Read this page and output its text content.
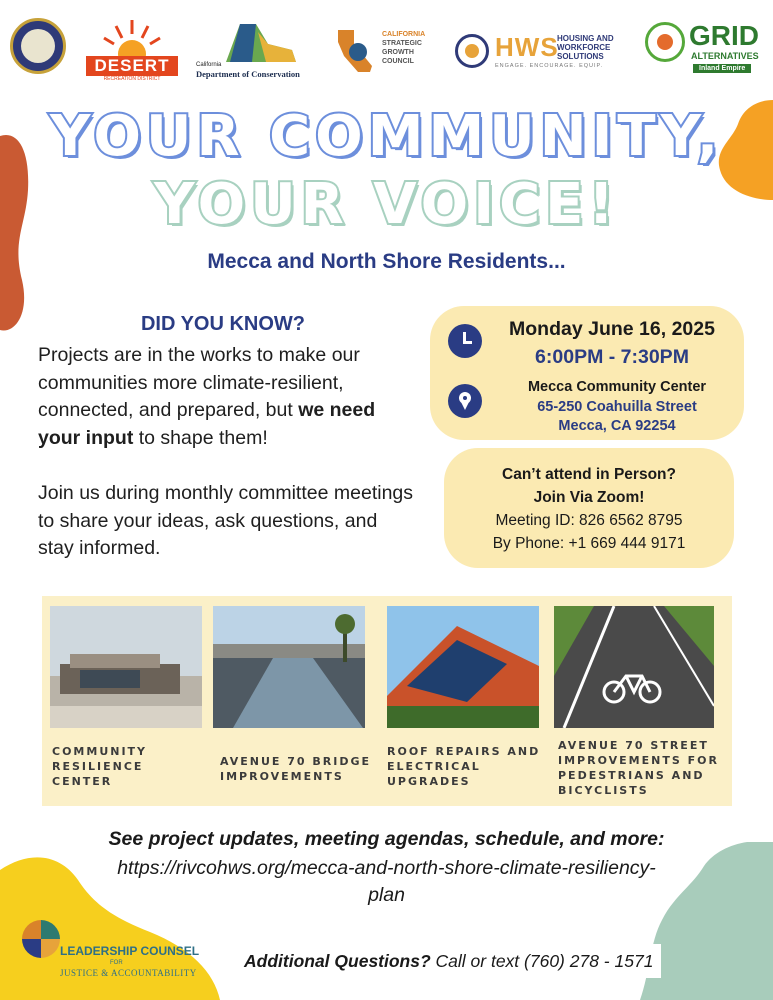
DESERT
RECREATION DISTRICT
California
Department of Conservation
CALIFORNIA
STRATEGIC
GROWTH
COUNCIL	HWS
HOUSING AND
WORKFORCE
SOLUTIONS
ENGAGE. ENCOURAGE. EQUIP.
GRID
ALTERNATIVES
Inland Empire
YOUR COMMUNITY,
YOUR VOICE!
Mecca and North Shore Residents...
DID YOU KNOW?
Projects are in the works to make our communities more climate-resilient, connected, and prepared, but we need your input to shape them!
Join us during monthly committee meetings to share your ideas, ask questions, and stay informed.
Monday June 16, 2025
6:00PM - 7:30PM
Mecca Community Center
65-250 Coahuilla Street
Mecca, CA 92254
Can’t attend in Person?
Join Via Zoom!
Meeting ID: 826 6562 8795
By Phone: +1 669 444 9171
COMMUNITY RESILIENCE CENTER
AVENUE 70 BRIDGE IMPROVEMENTS
ROOF REPAIRS AND ELECTRICAL UPGRADES
AVENUE 70 STREET IMPROVEMENTS FOR PEDESTRIANS AND BICYCLISTS
See project updates, meeting agendas, schedule, and more:
https://rivcohws.org/mecca-and-north-shore-climate-resiliency-plan
LEADERSHIP COUNSEL
FOR
JUSTICE & ACCOUNTABILITY
Additional Questions? Call or text (760) 278 - 1571
